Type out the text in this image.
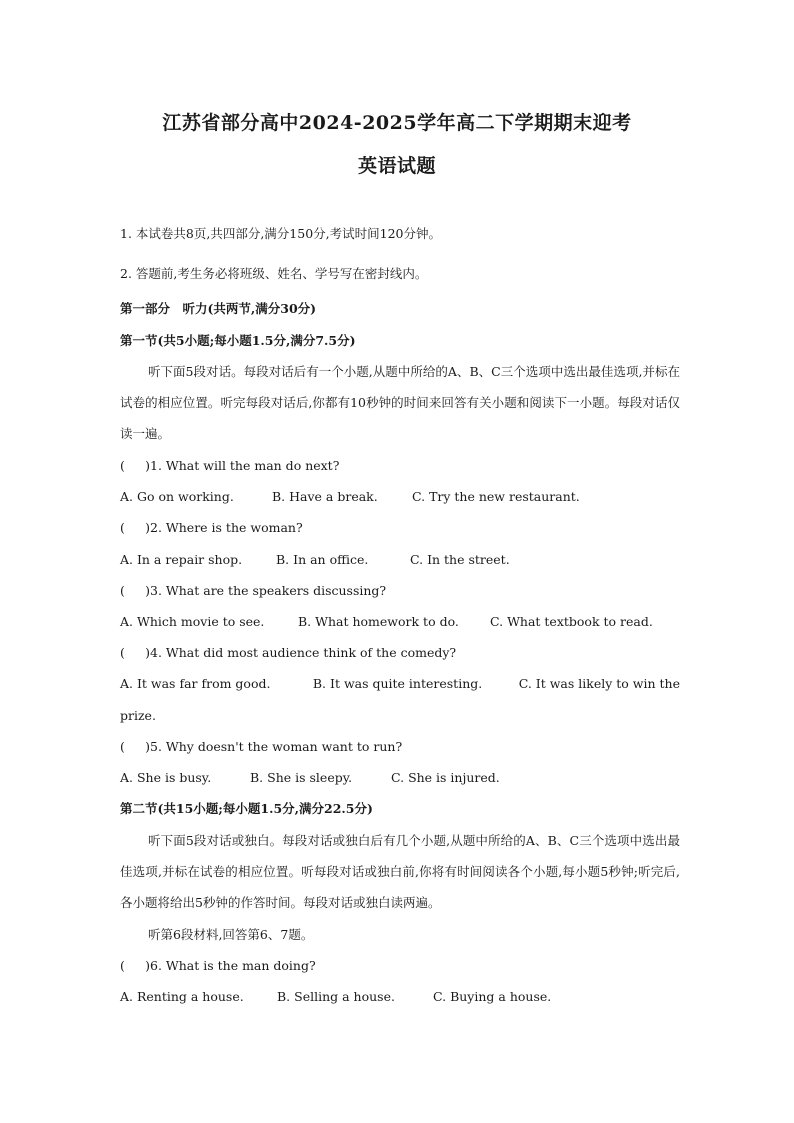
江苏省部分高中2024-2025学年高二下学期期末迎考
英语试题
1. 本试卷共8页,共四部分,满分150分,考试时间120分钟。
2. 答题前,考生务必将班级、姓名、学号写在密封线内。
第一部分　听力(共两节,满分30分)
第一节(共5小题;每小题1.5分,满分7.5分)
听下面5段对话。每段对话后有一个小题,从题中所给的A、B、C三个选项中选出最佳选项,并标在试卷的相应位置。听完每段对话后,你都有10秒钟的时间来回答有关小题和阅读下一小题。每段对话仅读一遍。
( )1. What will the man do next?
A. Go on working.	B. Have a break.	C. Try the new restaurant.
( )2. Where is the woman?
A. In a repair shop.	B. In an office.	C. In the street.
( )3. What are the speakers discussing?
A. Which movie to see.	B. What homework to do.	C. What textbook to read.
( )4. What did most audience think of the comedy?
A. It was far from good.	B. It was quite interesting.	C. It was likely to win the
prize.
( )5. Why doesn't the woman want to run?
A. She is busy.	B. She is sleepy.	C. She is injured.
第二节(共15小题;每小题1.5分,满分22.5分)
听下面5段对话或独白。每段对话或独白后有几个小题,从题中所给的A、B、C三个选项中选出最佳选项,并标在试卷的相应位置。听每段对话或独白前,你将有时间阅读各个小题,每小题5秒钟;听完后,各小题将给出5秒钟的作答时间。每段对话或独白读两遍。
听第6段材料,回答第6、7题。
( )6. What is the man doing?
A. Renting a house.	B. Selling a house.	C. Buying a house.
